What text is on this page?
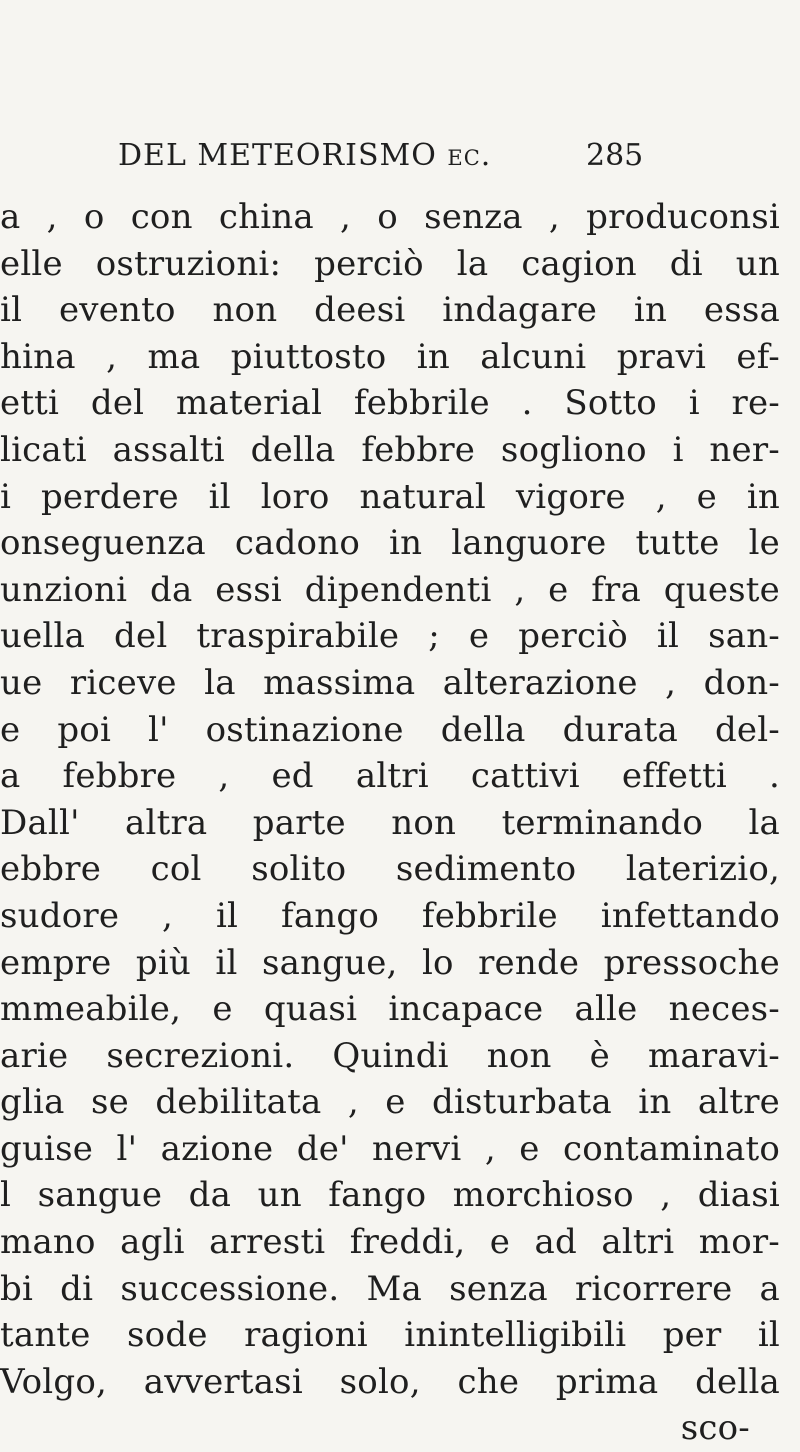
DEL METEORISMO ec.	285
a , o con china , o senza , produconsi
elle ostruzioni: perciò la cagion di un
il evento non deesi indagare in essa
hina , ma piuttosto in alcuni pravi ef-
etti del material febbrile . Sotto i re-
licati assalti della febbre sogliono i ner-
i perdere il loro natural vigore , e in
onseguenza cadono in languore tutte le
unzioni da essi dipendenti , e fra queste
uella del traspirabile ; e perciò il san-
ue riceve la massima alterazione , don-
e poi l' ostinazione della durata del-
a febbre , ed altri cattivi effetti .
Dall' altra parte non terminando la
ebbre col solito sedimento laterizio,
sudore , il fango febbrile infettando
empre più il sangue, lo rende pressoche
mmeabile, e quasi incapace alle neces-
arie secrezioni. Quindi non è maravi-
glia se debilitata , e disturbata in altre
guise l' azione de' nervi , e contaminato
l sangue da un fango morchioso , diasi
mano agli arresti freddi, e ad altri mor-
bi di successione. Ma senza ricorrere a
tante sode ragioni inintelligibili per il
Volgo, avvertasi solo, che prima della
sco-
